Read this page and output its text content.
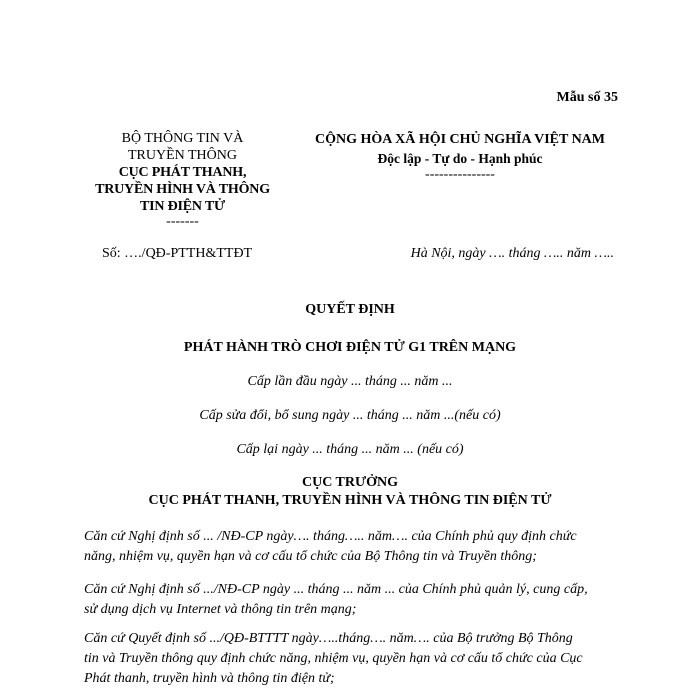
Mẫu số 35
BỘ THÔNG TIN VÀ
TRUYỀN THÔNG
CỤC PHÁT THANH,
TRUYỀN HÌNH VÀ THÔNG
TIN ĐIỆN TỬ
-------
CỘNG HÒA XÃ HỘI CHỦ NGHĨA VIỆT NAM
Độc lập - Tự do - Hạnh phúc
---------------
Số: …./QĐ-PTTH&TTĐT	Hà Nội, ngày …. tháng ….. năm …..
QUYẾT ĐỊNH
PHÁT HÀNH TRÒ CHƠI ĐIỆN TỬ G1 TRÊN MẠNG
Cấp lần đầu ngày ... tháng ... năm ...
Cấp sửa đổi, bổ sung ngày ... tháng ... năm ...(nếu có)
Cấp lại ngày ... tháng ... năm ... (nếu có)
CỤC TRƯỞNG
CỤC PHÁT THANH, TRUYỀN HÌNH VÀ THÔNG TIN ĐIỆN TỬ
Căn cứ Nghị định số ... /NĐ-CP ngày…. tháng….. năm…. của Chính phủ quy định chức
năng, nhiệm vụ, quyền hạn và cơ cấu tổ chức của Bộ Thông tin và Truyền thông;
Căn cứ Nghị định số .../NĐ-CP ngày ... tháng ... năm ... của Chính phủ quản lý, cung cấp,
sử dụng dịch vụ Internet và thông tin trên mạng;
Căn cứ Quyết định số .../QĐ-BTTTT ngày…..tháng…. năm…. của Bộ trưởng Bộ Thông
tin và Truyền thông quy định chức năng, nhiệm vụ, quyền hạn và cơ cấu tổ chức của Cục
Phát thanh, truyền hình và thông tin điện tử;
